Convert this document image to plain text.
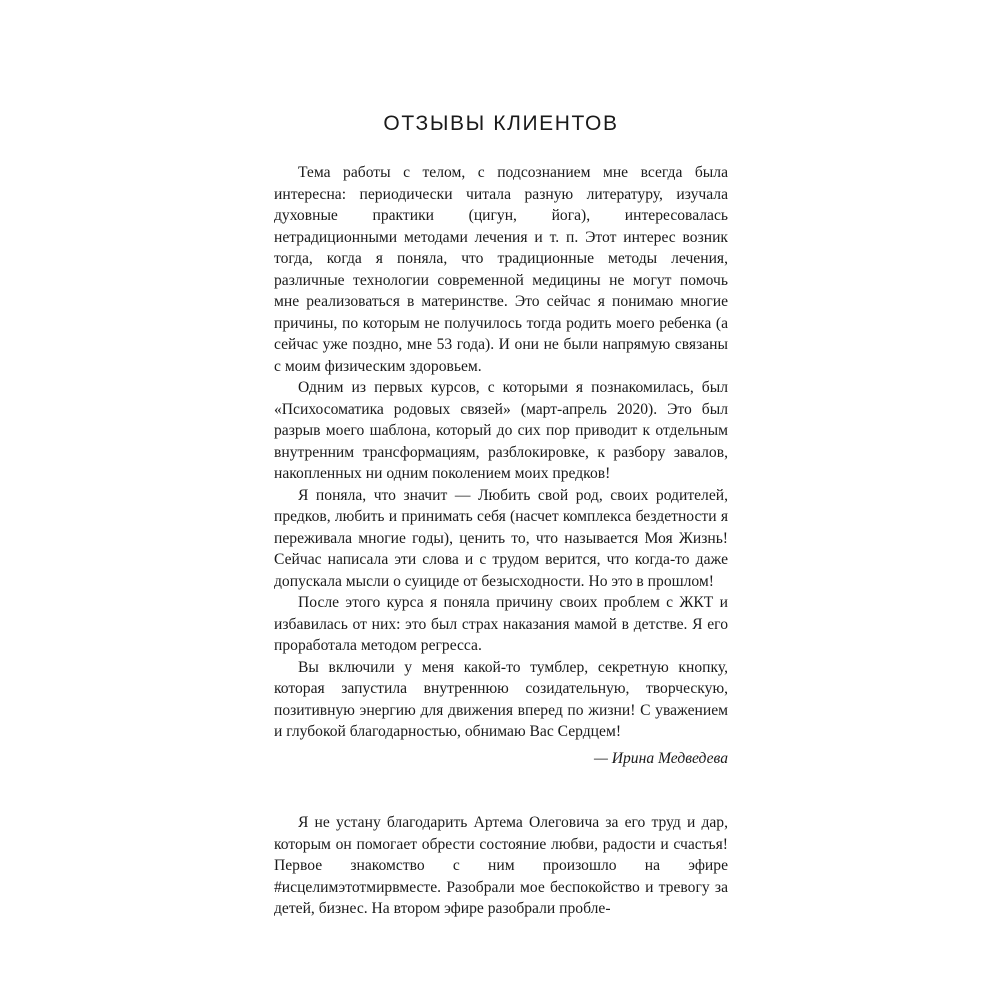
ОТЗЫВЫ КЛИЕНТОВ

Тема работы с телом, с подсознанием мне всегда была интересна: периодически читала разную литературу, изучала духовные практики (цигун, йога), интересовалась нетрадиционными методами лечения и т. п. Этот интерес возник тогда, когда я поняла, что традиционные методы лечения, различные технологии современной медицины не могут помочь мне реализоваться в материнстве. Это сейчас я понимаю многие причины, по которым не получилось тогда родить моего ребенка (а сейчас уже поздно, мне 53 года). И они не были напрямую связаны с моим физическим здоровьем.

Одним из первых курсов, с которыми я познакомилась, был «Психосоматика родовых связей» (март-апрель 2020). Это был разрыв моего шаблона, который до сих пор приводит к отдельным внутренним трансформациям, разблокировке, к разбору завалов, накопленных ни одним поколением моих предков!

Я поняла, что значит — Любить свой род, своих родителей, предков, любить и принимать себя (насчет комплекса бездетности я переживала многие годы), ценить то, что называется Моя Жизнь! Сейчас написала эти слова и с трудом верится, что когда-то даже допускала мысли о суициде от безысходности. Но это в прошлом!

После этого курса я поняла причину своих проблем с ЖКТ и избавилась от них: это был страх наказания мамой в детстве. Я его проработала методом регресса.

Вы включили у меня какой-то тумблер, секретную кнопку, которая запустила внутреннюю созидательную, творческую, позитивную энергию для движения вперед по жизни! С уважением и глубокой благодарностью, обнимаю Вас Сердцем!

— Ирина Медведева

Я не устану благодарить Артема Олеговича за его труд и дар, которым он помогает обрести состояние любви, радости и счастья! Первое знакомство с ним произошло на эфире #исцелимэтотмирвместе. Разобрали мое беспокойство и тревогу за детей, бизнес. На втором эфире разобрали пробле-
